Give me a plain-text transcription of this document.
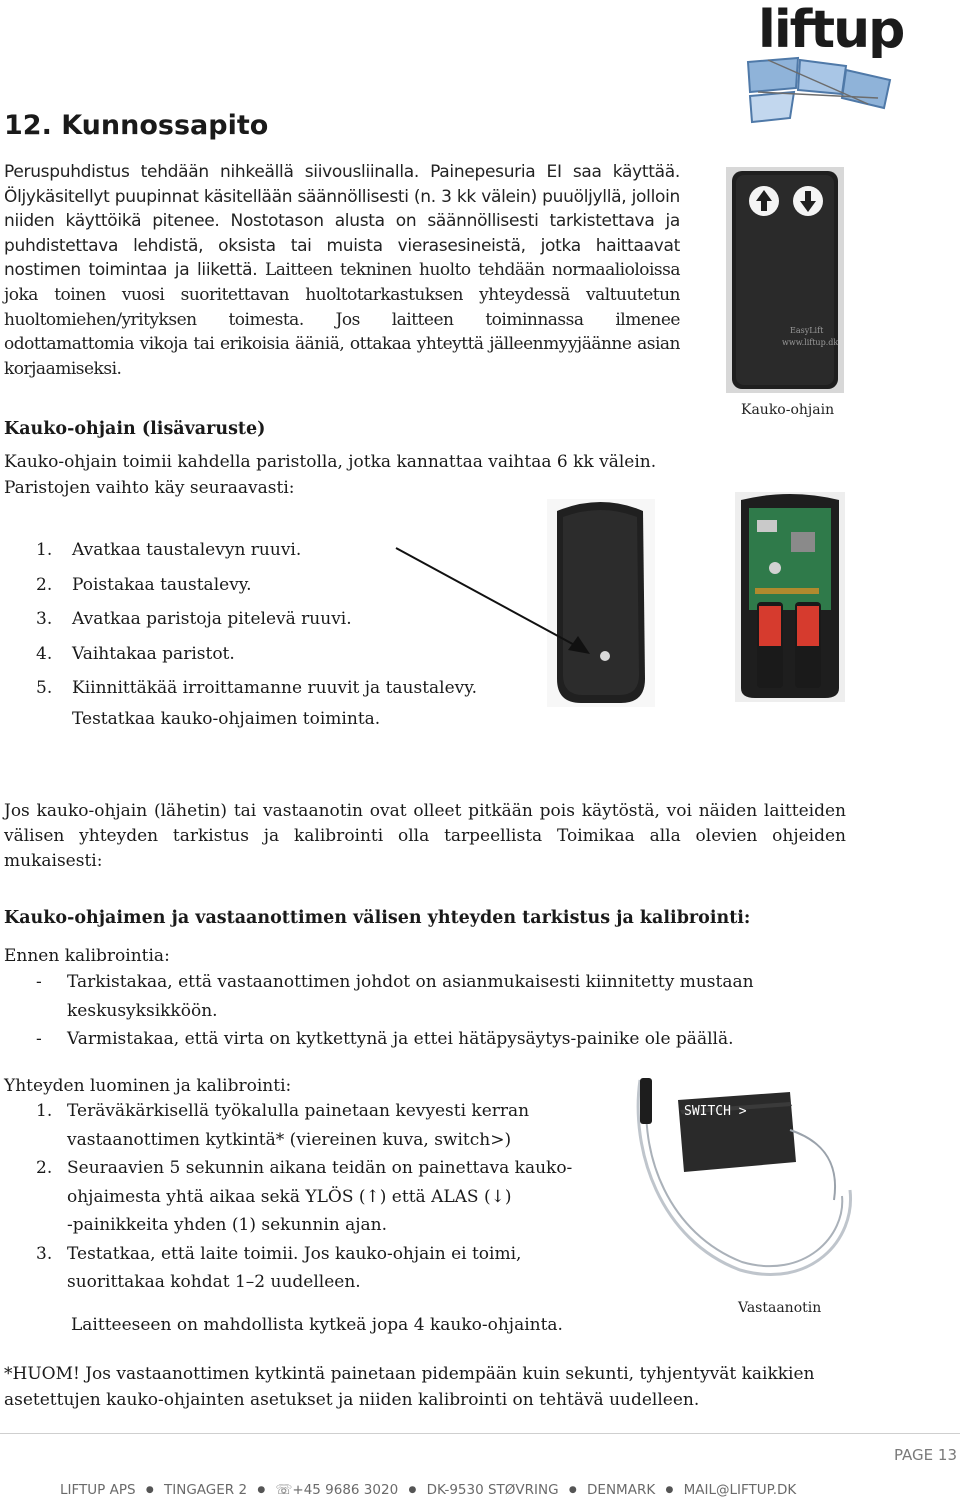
liftup
12. Kunnossapito
Peruspuhdistus tehdään nihkeällä siivousliinalla. Painepesuria EI saa käyttää. Öljykäsitellyt puupinnat käsitellään säännöllisesti (n. 3 kk välein) puuöljyllä, jolloin niiden käyttöikä pitenee. Nostotason alusta on säännöllisesti tarkistettava ja puhdistettava lehdistä, oksista tai muista vierasesineistä, jotka haittaavat nostimen toimintaa ja liikettä. Laitteen tekninen huolto tehdään normaalioloissa joka toinen vuosi suoritettavan huoltotarkastuksen yhteydessä valtuutetun huoltomiehen/yrityksen toimesta. Jos laitteen toiminnassa ilmenee odottamattomia vikoja tai erikoisia ääniä, ottakaa yhteyttä jälleenmyyjäänne asian korjaamiseksi.
EasyLift
www.liftup.dk
Kauko-ohjain
Kauko-ohjain (lisävaruste)
Kauko-ohjain toimii kahdella paristolla, jotka kannattaa vaihtaa 6 kk välein. Paristojen vaihto käy seuraavasti:
1. Avatkaa taustalevyn ruuvi.
2. Poistakaa taustalevy.
3. Avatkaa paristoja pitelevä ruuvi.
4. Vaihtakaa paristot.
5. Kiinnittäkää irroittamanne ruuvit ja taustalevy.
Testatkaa kauko-ohjaimen toiminta.
Jos kauko-ohjain (lähetin) tai vastaanotin ovat olleet pitkään pois käytöstä, voi näiden laitteiden välisen yhteyden tarkistus ja kalibrointi olla tarpeellista Toimikaa alla olevien ohjeiden mukaisesti:
Kauko-ohjaimen ja vastaanottimen välisen yhteyden tarkistus ja kalibrointi:
Ennen kalibrointia:
- Tarkistakaa, että vastaanottimen johdot on asianmukaisesti kiinnitetty mustaan
keskusyksikköön.
- Varmistakaa, että virta on kytkettynä ja ettei hätäpysäytys-painike ole päällä.
Yhteyden luominen ja kalibrointi:
1. Teräväkärkisellä työkalulla painetaan kevyesti kerran
vastaanottimen kytkintä* (viereinen kuva, switch>)
2. Seuraavien 5 sekunnin aikana teidän on painettava kauko-
ohjaimesta yhtä aikaa sekä YLÖS (↑) että ALAS (↓)
-painikkeita yhden (1) sekunnin ajan.
3. Testatkaa, että laite toimii. Jos kauko-ohjain ei toimi,
suorittakaa kohdat 1–2 uudelleen.
Laitteeseen on mahdollista kytkeä jopa 4 kauko-ohjainta.
SWITCH >
Vastaanotin
*HUOM! Jos vastaanottimen kytkintä painetaan pidempään kuin sekunti, tyhjentyvät kaikkien asetettujen kauko-ohjainten asetukset ja niiden kalibrointi on tehtävä uudelleen.
PAGE 13
LIFTUP APS ● TINGAGER 2 ● ☏+45 9686 3020 ● DK-9530 STØVRING ● DENMARK ● MAIL@LIFTUP.DK
